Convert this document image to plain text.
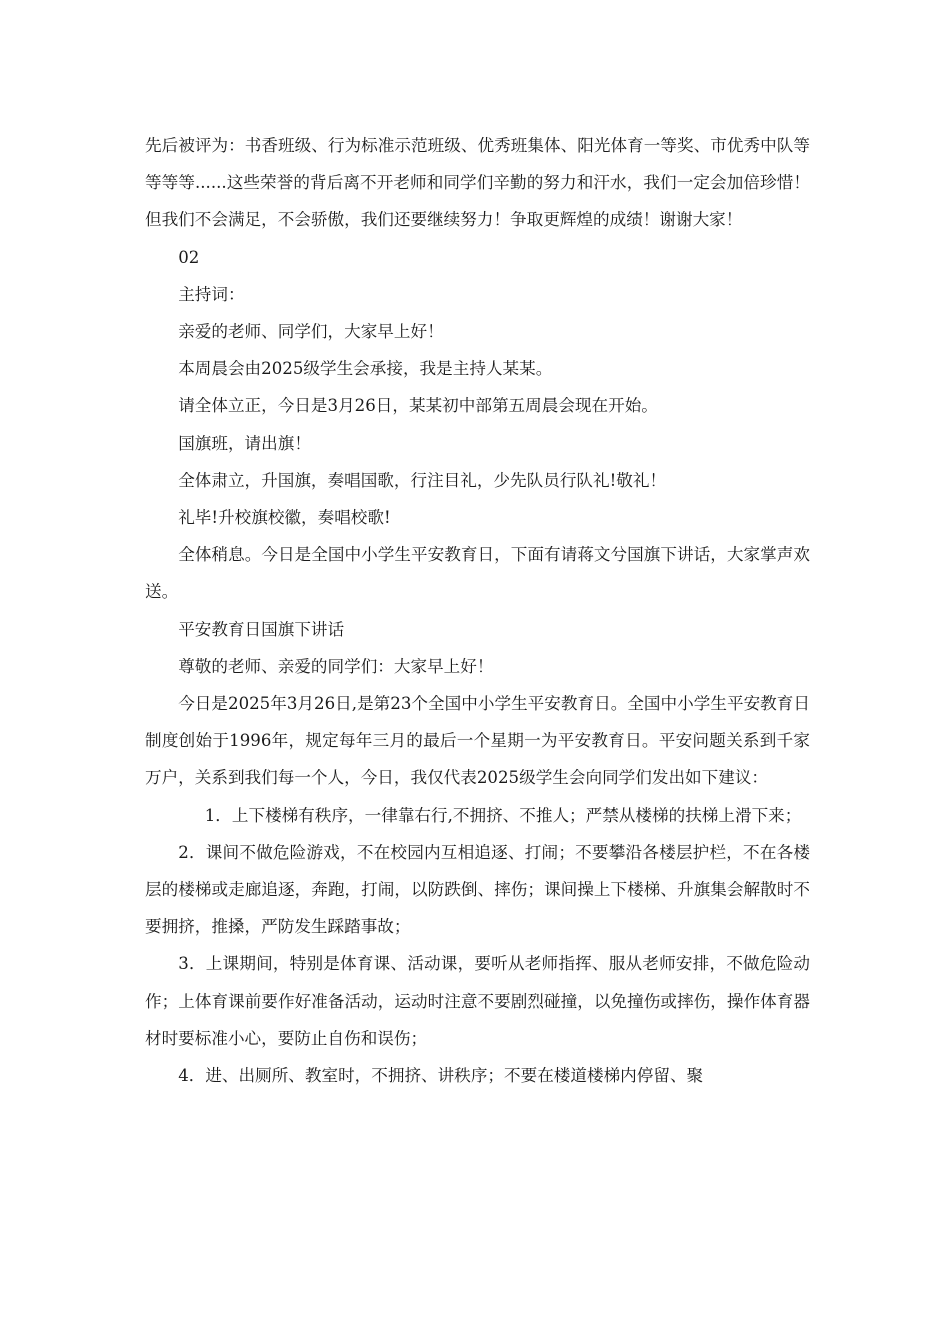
先后被评为：书香班级、行为标准示范班级、优秀班集体、阳光体育一等奖、市优秀中队等等等等......这些荣誉的背后离不开老师和同学们辛勤的努力和汗水，我们一定会加倍珍惜！但我们不会满足，不会骄傲，我们还要继续努力！争取更辉煌的成绩！谢谢大家！

02

主持词：

亲爱的老师、同学们，大家早上好！

本周晨会由2025级学生会承接，我是主持人某某。

请全体立正，今日是3月26日，某某初中部第五周晨会现在开始。

国旗班，请出旗！

全体肃立，升国旗，奏唱国歌，行注目礼，少先队员行队礼!敬礼！

礼毕!升校旗校徽，奏唱校歌!

全体稍息。今日是全国中小学生平安教育日，下面有请蒋文兮国旗下讲话，大家掌声欢送。

平安教育日国旗下讲话

尊敬的老师、亲爱的同学们：大家早上好！

今日是2025年3月26日,是第23个全国中小学生平安教育日。全国中小学生平安教育日制度创始于1996年，规定每年三月的最后一个星期一为平安教育日。平安问题关系到千家万户，关系到我们每一个人，今日，我仅代表2025级学生会向同学们发出如下建议：

1．上下楼梯有秩序，一律靠右行,不拥挤、不推人；严禁从楼梯的扶梯上滑下来；

2．课间不做危险游戏，不在校园内互相追逐、打闹；不要攀沿各楼层护栏，不在各楼层的楼梯或走廊追逐，奔跑，打闹，以防跌倒、摔伤；课间操上下楼梯、升旗集会解散时不要拥挤，推搡，严防发生踩踏事故；

3．上课期间，特别是体育课、活动课，要听从老师指挥、服从老师安排，不做危险动作；上体育课前要作好准备活动，运动时注意不要剧烈碰撞，以免撞伤或摔伤，操作体育器材时要标准小心，要防止自伤和误伤；

4．进、出厕所、教室时，不拥挤、讲秩序；不要在楼道楼梯内停留、聚
